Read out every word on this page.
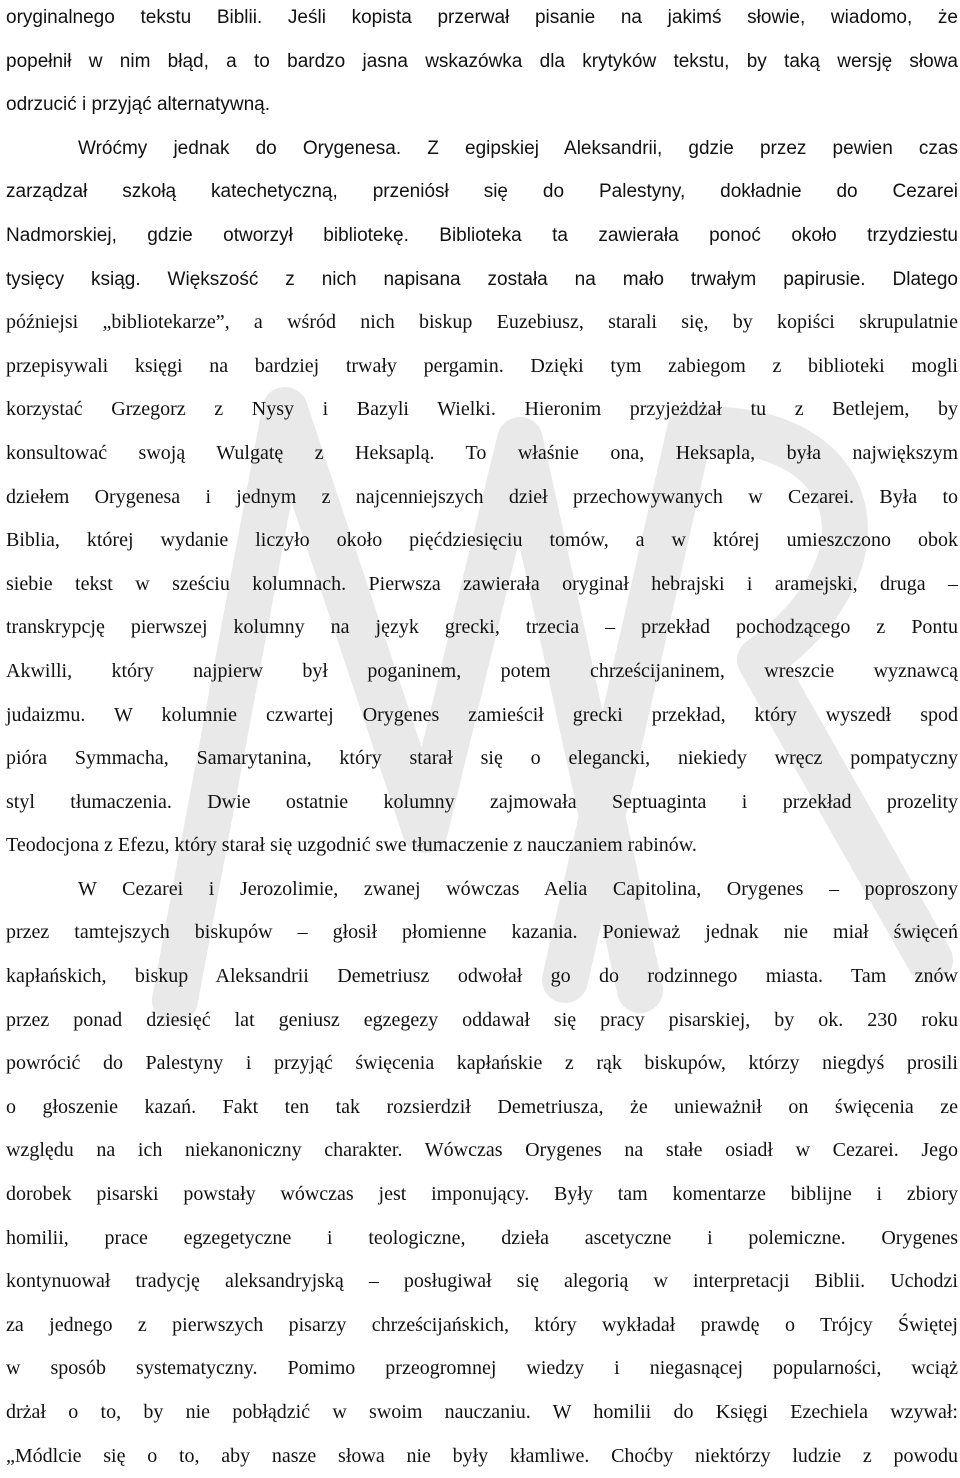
oryginalnego tekstu Biblii. Jeśli kopista przerwał pisanie na jakimś słowie, wiadomo, że
popełnił w nim błąd, a to bardzo jasna wskazówka dla krytyków tekstu, by taką wersję słowa
odrzucić i przyjąć alternatywną.
Wróćmy jednak do Orygenesa. Z egipskiej Aleksandrii, gdzie przez pewien czas
zarządzał szkołą katechetyczną, przeniósł się do Palestyny, dokładnie do Cezarei
Nadmorskiej, gdzie otworzył bibliotekę. Biblioteka ta zawierała ponoć około trzydziestu
tysięcy ksiąg. Większość z nich napisana została na mało trwałym papirusie. Dlatego
późniejsi „bibliotekarze”, a wśród nich biskup Euzebiusz, starali się, by kopiści skrupulatnie
przepisywali księgi na bardziej trwały pergamin. Dzięki tym zabiegom z biblioteki mogli
korzystać Grzegorz z Nysy i Bazyli Wielki. Hieronim przyjeżdżał tu z Betlejem, by
konsultować swoją Wulgatę z Heksaplą. To właśnie ona, Heksapla, była największym
dziełem Orygenesa i jednym z najcenniejszych dzieł przechowywanych w Cezarei. Była to
Biblia, której wydanie liczyło około pięćdziesięciu tomów, a w której umieszczono obok
siebie tekst w sześciu kolumnach. Pierwsza zawierała oryginał hebrajski i aramejski, druga –
transkrypcję pierwszej kolumny na język grecki, trzecia – przekład pochodzącego z Pontu
Akwilli, który najpierw był poganinem, potem chrześcijaninem, wreszcie wyznawcą
judaizmu. W kolumnie czwartej Orygenes zamieścił grecki przekład, który wyszedł spod
pióra Symmacha, Samarytanina, który starał się o elegancki, niekiedy wręcz pompatyczny
styl tłumaczenia. Dwie ostatnie kolumny zajmowała Septuaginta i przekład prozelity
Teodocjona z Efezu, który starał się uzgodnić swe tłumaczenie z nauczaniem rabinów.
W Cezarei i Jerozolimie, zwanej wówczas Aelia Capitolina, Orygenes – poproszony
przez tamtejszych biskupów – głosił płomienne kazania. Ponieważ jednak nie miał święceń
kapłańskich, biskup Aleksandrii Demetriusz odwołał go do rodzinnego miasta. Tam znów
przez ponad dziesięć lat geniusz egzegezy oddawał się pracy pisarskiej, by ok. 230 roku
powrócić do Palestyny i przyjąć święcenia kapłańskie z rąk biskupów, którzy niegdyś prosili
o głoszenie kazań. Fakt ten tak rozsierdził Demetriusza, że unieważnił on święcenia ze
względu na ich niekanoniczny charakter. Wówczas Orygenes na stałe osiadł w Cezarei. Jego
dorobek pisarski powstały wówczas jest imponujący. Były tam komentarze biblijne i zbiory
homilii, prace egzegetyczne i teologiczne, dzieła ascetyczne i polemiczne. Orygenes
kontynuował tradycję aleksandryjską – posługiwał się alegorią w interpretacji Biblii. Uchodzi
za jednego z pierwszych pisarzy chrześcijańskich, który wykładał prawdę o Trójcy Świętej
w sposób systematyczny. Pomimo przeogromnej wiedzy i niegasnącej popularności, wciąż
drżał o to, by nie pobłądzić w swoim nauczaniu. W homilii do Księgi Ezechiela wzywał:
„Módlcie się o to, aby nasze słowa nie były kłamliwe. Choćby niektórzy ludzie z powodu
